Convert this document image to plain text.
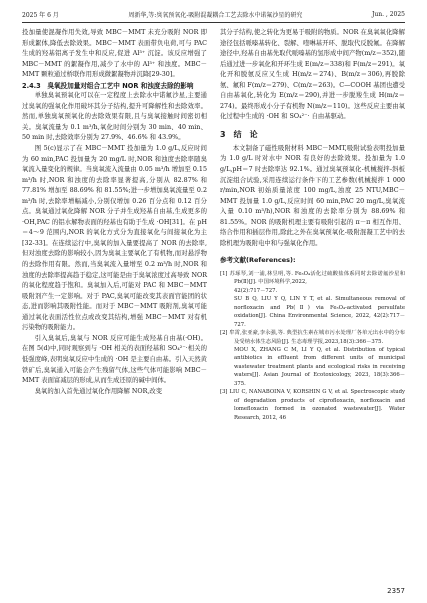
2025 年 6 月	周新华,等:臭氧预氧化-吸附混凝耦合工艺去除水中诺氟沙星的研究	Jun. , 2025

投加量使混凝作用失效,导致 MBC－MMT 未充分吸附 NOR 即形成絮体,降低去除效果。MBC－MMT 表面带负电荷,可与 PAC 生成的羟基铝离子发生中和反应,促进 Al³⁺ 沉淀。该反应增强了 MBC－MMT 的絮凝作用,减少了水中的 Al³⁺ 和浊度。MBC－MMT 颗粒通过桥联作用形成微絮凝物并沉降[29-30]。

2.4.3　臭氧投加量对组合工艺中 NOR 和浊度去除的影响

单独臭氧预氧化可以在一定程度上去除水中诺氟沙星,主要通过臭氧的强氧化作用破坏其分子结构,提升可降解性和去除效率。然而,单独臭氧预氧化的去除效果有限,且与臭氧接触时间密切相关。臭氧流量为 0.1 m³/h,氧化时间分别为 30 min、40 min、50 min 时,去除效率分别为 27.9%、46.6% 和 43.9%。

图 5(c)显示了在 MBC－MMT 投加量为 1.0 g/L,反应时间为 60 min,PAC 投加量为 20 mg/L 时,NOR 和浊度去除率随臭氧流入量变化的规律。当臭氧流入流量由 0.05 m³/h 增加至 0.15 m³/h 时,NOR 和浊度的去除率显著提高,分别从 82.87% 和 77.81% 增加至 88.69% 和 81.55%;进一步增加臭氧流量至 0.2 m³/h 时,去除率增幅减小,分别仅增加 0.26 百分点和 0.12 百分点。臭氧通过氧化降解 NOR 分子并生成羟基自由基,生成更多的 ·OH,PAC 的铝水解物表面的羟基也有助于生成 ·OH[31]。在 pH＝4～9 范围内,NOR 的氧化方式分为直接氧化与间接氧化为主[32-33]。在连续运行中,臭氧的加入量要提高了 NOR 的去除率,但对浊度去除的影响较小,因为臭氧主要氧化了有机物,而对悬浮物的去除作用有限。然而,当臭氧流入量增至 0.2 m³/h 时,NOR 和浊度的去除率提高趋于稳定,这可能是由于臭氧浓度过高导致 NOR 的氧化程度趋于饱和。臭氧加入后,可能对 PAC 和 MBC－MMT 吸附剂产生一定影响。对于 PAC,臭氧可能改变其表面官能团的状态,进而影响其吸附性能。而对于 MBC－MMT 吸附剂,臭氧可能通过氧化表面活性位点或改变其结构,增强 MBC－MMT 对有机污染物的吸附能力。

引入臭氧后,臭氧与 NOR 反应可能生成羟基自由基(·OH)。在图 5(d)中,同时观察到与 ·OH 相关的表面羟基和 SO₄²⁻·相关的低强度峰,表明臭氧反应中生成的 ·OH 是主要自由基。引入天然黄铁矿后,臭氧通入可能会产生残留气体,这些气体可能影响 MBC－MMT 表面富减层的形成,从而生成还原的碱中间体。

臭氧的加入首先通过氧化作用降解 NOR,改变

其分子结构,使之转化为更易于吸附的物质。NOR 在臭氧氧化降解途径包括哌嗪基转化、裂解、喹啉基开环、脱取代反脱氟。在降解途径中,羟基自由基先取代哌嗪基的氢形成中间产物(m/z＝352),随后通过进一步氧化和开环生成 E(m/z＝338)和 F(m/z＝291)。氧化开和脱氨反应又生成 H(m/z＝274)、B(m/z＝306),再脱除氨、氟和 F(m/z＝279)、C(m/z＝263)。C—COOH 基团也遭受自由基氧化,转化为 E(m/z＝290),并进一步脱羧生成 H(m/z＝274)。最终形成小分子有机物 N(m/z＝110)。这些反应主要由氧化过程中生成的 ·OH 和 SO₄²⁻· 自由基驱动。

3　结　论

本文制备了磁性吸附材料 MBC－MMT,吸附试验表明投加量为 1.0 g/L 时对水中 NOR 有良好的去除效果。投加量为 1.0 g/L,pH＝7 时去除率达 92.1%。通过臭氧预氧化-机械搅拌-斜板沉淀组合试验,采用连续运行条件下的工艺参数(机械搅拌 1 000 r/min,NOR 初始质量浓度 100 mg/L,浊度 25 NTU,MBC－MMT 投加量 1.0 g/L,反应时间 60 min,PAC 20 mg/L,臭氧流入量 0.10 m³/h),NOR 和浊度的去除率分别为 88.69% 和 81.55%。NOR 的吸附机理主要有吸附引起的 π－π 相互作用、络合作用和插层作用,除此之外在臭氧预氧化-吸附混凝工艺中的去除机理为吸附电中和与强氧化作用。

参考文献(References):
[1] 苏琢琴,刘一浦,林昱明,等. Fe₃O₄活化过硫酸盐体系同时去除诺氟沙星和 Pb(Ⅱ)[J]. 中国环境科学,2022,
42(2):717－727.
SU B Q, LIU Y Q, LIN Y T, et al. Simultaneous removal of norfloxacin and Pb(Ⅱ) via Fe₃O₄-activated persulfate oxidation[J]. China Environmental Science, 2022, 42(2):717－727.
[2] 牟霄,张亚豪,李永强,等. 典型抗生素在城市污水处理厂各单元出水中的分布及受纳水体生态风险[J]. 生态毒理学报,2023,18(3):366－375.
MOU X, ZHANG C M, LI Y Q, et al. Distribution of typical antibiotics in effluent from different units of municipal wastewater treatment plants and ecological risks in receiving waters[J]. Asian Journal of Ecotoxicology, 2023, 18(3):366－375.
[3] LIU C, NANABOINA V, KORSHIN G V, et al. Spectroscopic study of degradation products of ciprofloxacin, norfloxacin and lomefloxacin formed in ozonated wastewater[J]. Water Research, 2012, 46
2357
